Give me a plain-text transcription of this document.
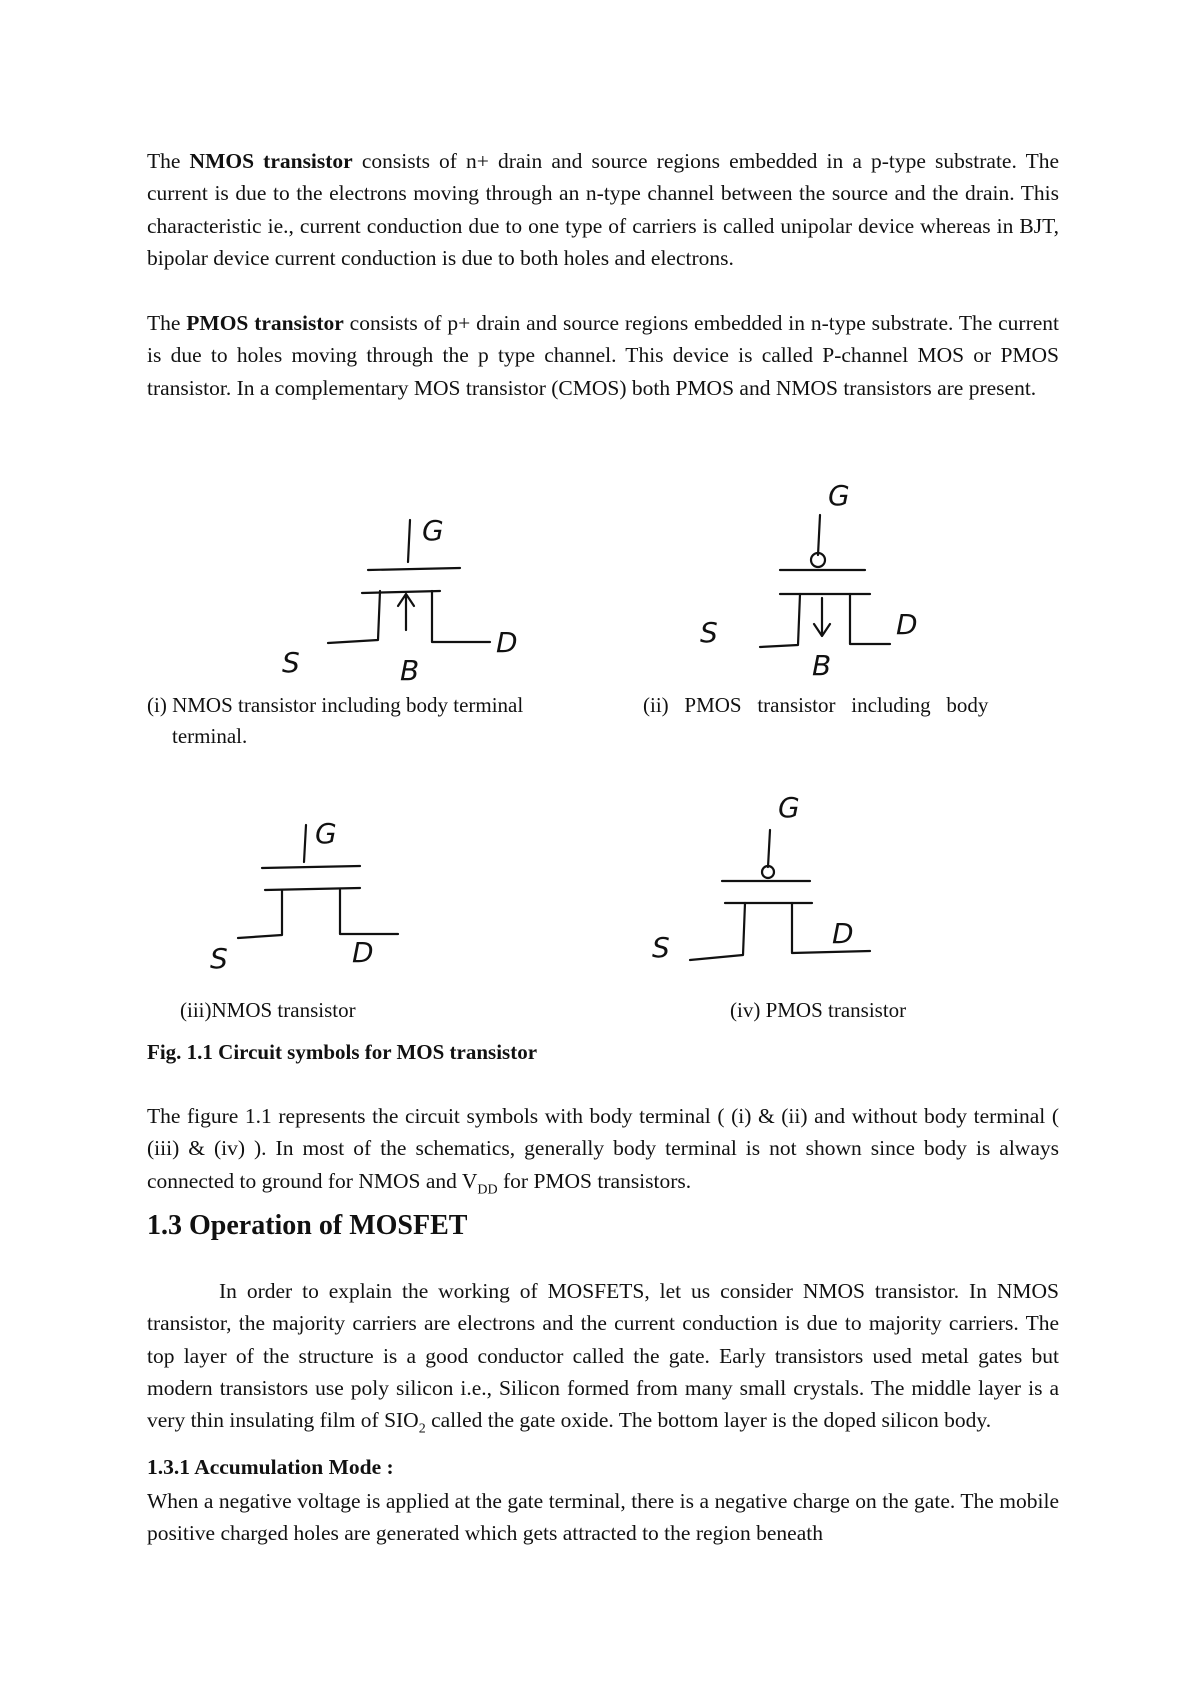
The NMOS transistor consists of n+ drain and source regions embedded in a p-type substrate. The current is due to the electrons moving through an n-type channel between the source and the drain. This characteristic ie., current conduction due to one type of carriers is called unipolar device whereas in BJT, bipolar device current conduction is due to both holes and electrons.

The PMOS transistor consists of p+ drain and source regions embedded in n-type substrate. The current is due to holes moving through the p type channel. This device is called P-channel MOS or PMOS transistor. In a complementary MOS transistor (CMOS) both PMOS and NMOS transistors are present.

G
S
D
B
G
S	D
B

(i) NMOS transistor including body terminal

terminal.

(ii)   PMOS   transistor   including   body

G
S	D
G
S	D

(iii)NMOS transistor	(iv) PMOS transistor

Fig. 1.1 Circuit symbols for MOS transistor

The figure 1.1 represents the circuit symbols with body terminal ( (i) & (ii) and without body terminal ( (iii) & (iv) ). In most of the schematics, generally body terminal is not shown since body is always connected to ground for NMOS and $V_{DD}$ for PMOS transistors.

1.3 Operation of MOSFET

In order to explain the working of MOSFETS, let us consider NMOS transistor. In NMOS transistor, the majority carriers are electrons and the current conduction is due to majority carriers. The top layer of the structure is a good conductor called the gate. Early transistors used metal gates but modern transistors use poly silicon i.e., Silicon formed from many small crystals. The middle layer is a very thin insulating film of $SIO_2$ called the gate oxide. The bottom layer is the doped silicon body.

1.3.1 Accumulation Mode :

When a negative voltage is applied at the gate terminal, there is a negative charge on the gate. The mobile positive charged holes are generated which gets attracted to the region beneath
